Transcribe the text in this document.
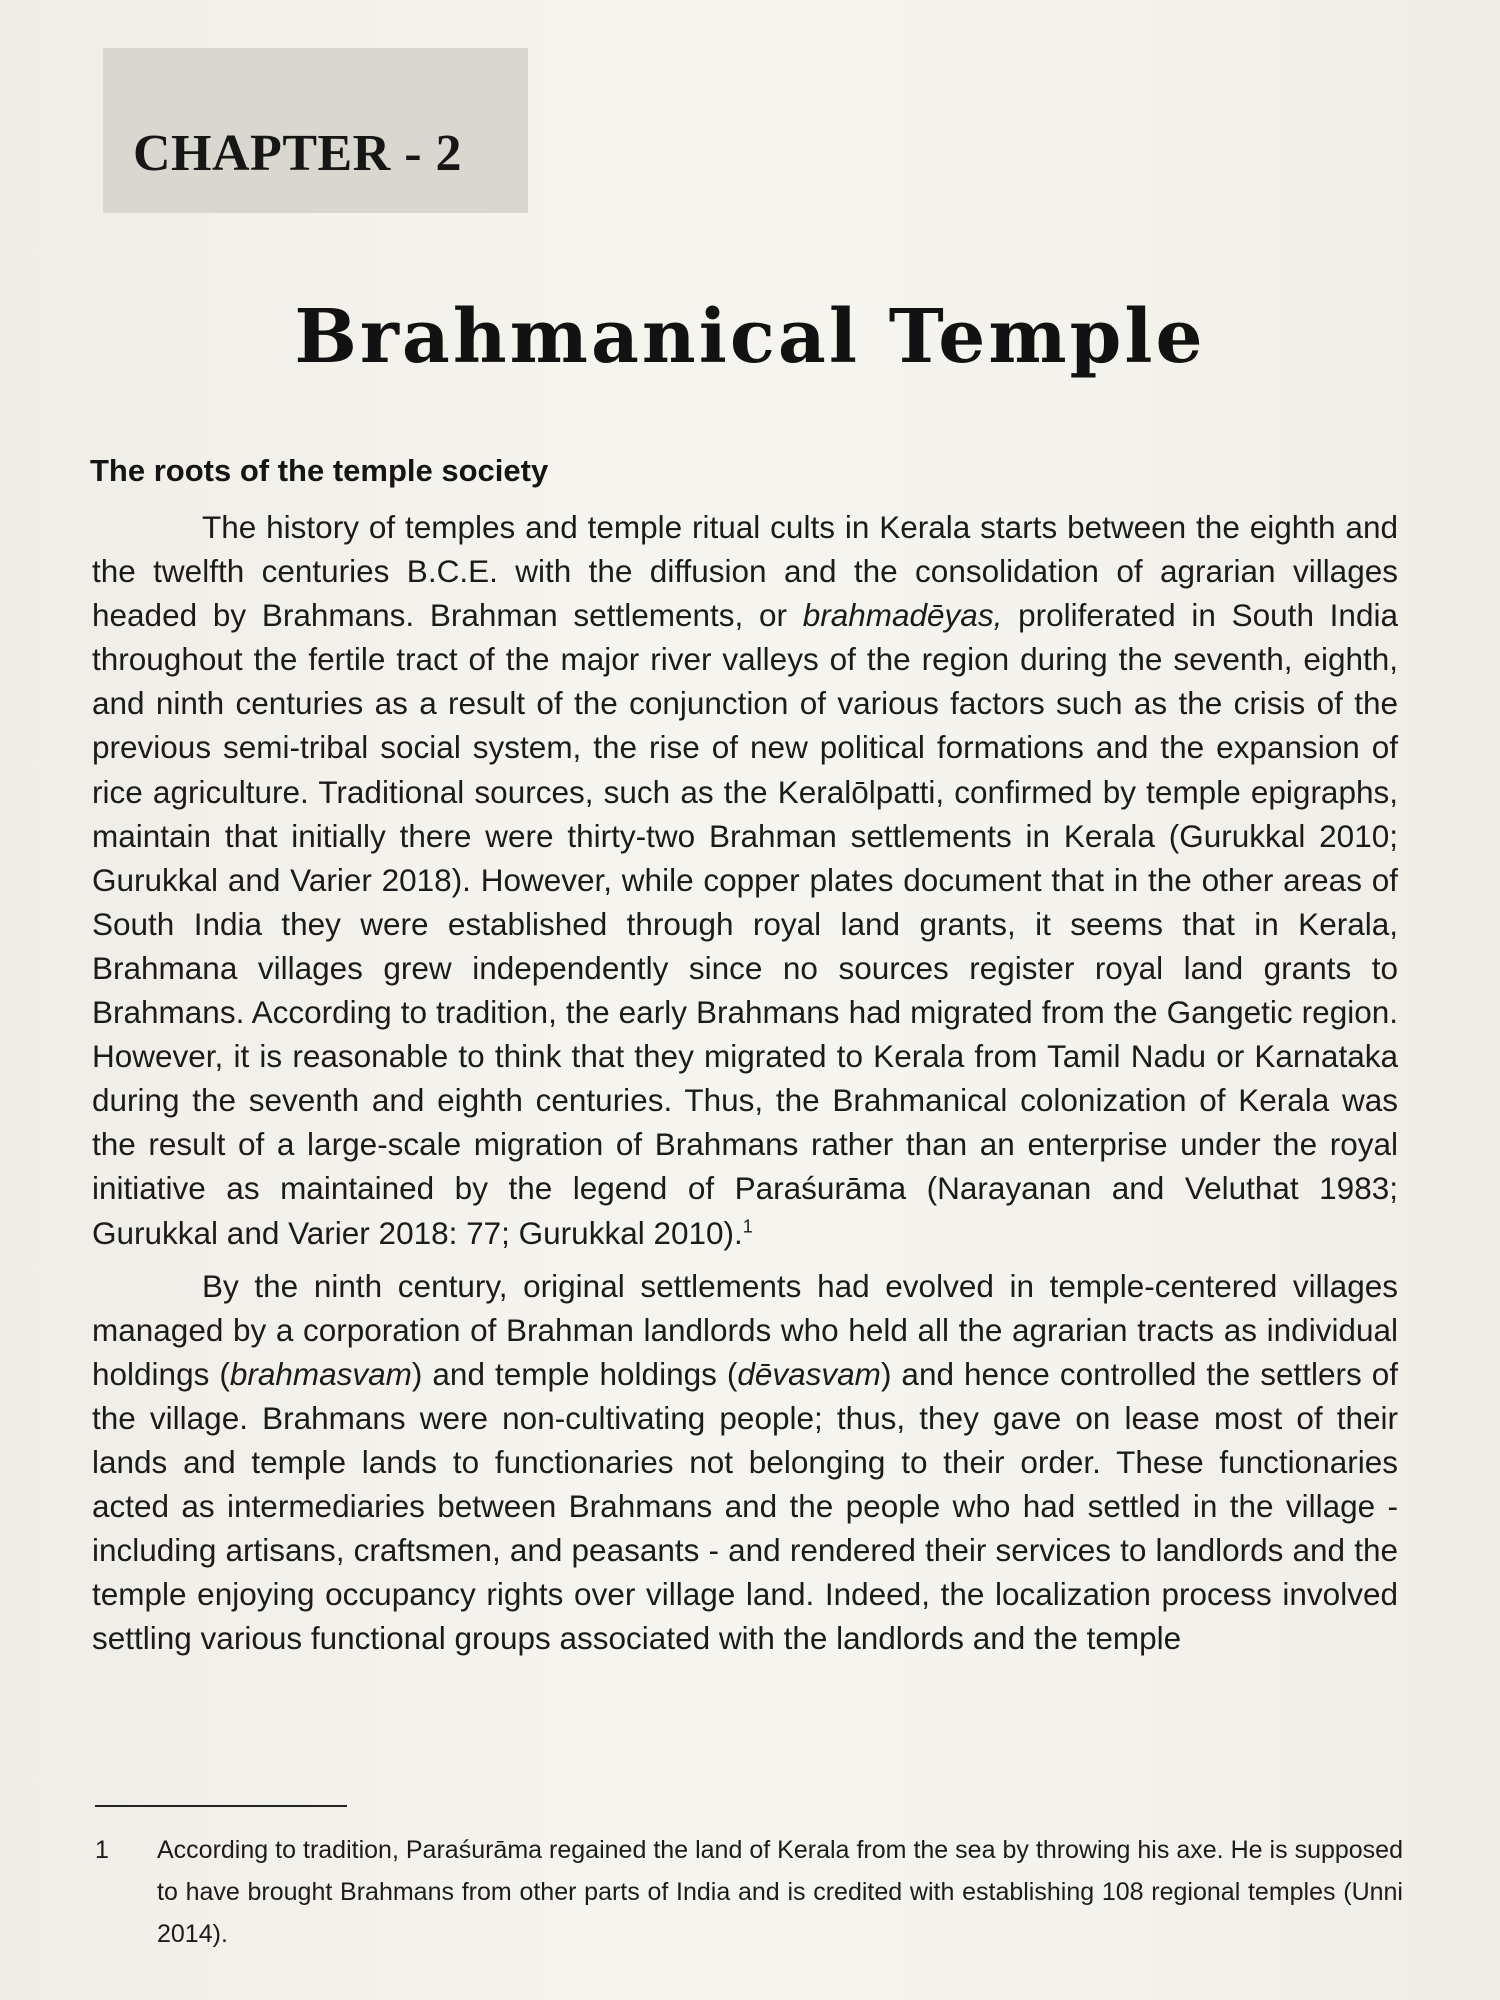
CHAPTER - 2
Brahmanical Temple
The roots of the temple society

The history of temples and temple ritual cults in Kerala starts between the eighth and the twelfth centuries B.C.E. with the diffusion and the consolidation of agrarian villages headed by Brahmans. Brahman settlements, or brahmadēyas, proliferated in South India throughout the fertile tract of the major river valleys of the region during the seventh, eighth, and ninth centuries as a result of the conjunction of various factors such as the crisis of the previous semi-tribal social system, the rise of new political formations and the expansion of rice agriculture. Traditional sources, such as the Keralōlpatti, confirmed by temple epigraphs, maintain that initially there were thirty-two Brahman settlements in Kerala (Gurukkal 2010; Gurukkal and Varier 2018). However, while copper plates document that in the other areas of South India they were established through royal land grants, it seems that in Kerala, Brahmana villages grew independently since no sources register royal land grants to Brahmans. According to tradition, the early Brahmans had migrated from the Gangetic region. However, it is reasonable to think that they migrated to Kerala from Tamil Nadu or Karnataka during the seventh and eighth centuries. Thus, the Brahmanical colonization of Kerala was the result of a large-scale migration of Brahmans rather than an enterprise under the royal initiative as maintained by the legend of Paraśurāma (Narayanan and Veluthat 1983; Gurukkal and Varier 2018: 77; Gurukkal 2010).$^1$

By the ninth century, original settlements had evolved in temple-centered villages managed by a corporation of Brahman landlords who held all the agrarian tracts as individual holdings (brahmasvam) and temple holdings (dēvasvam) and hence controlled the settlers of the village. Brahmans were non-cultivating people; thus, they gave on lease most of their lands and temple lands to functionaries not belonging to their order. These functionaries acted as intermediaries between Brahmans and the people who had settled in the village - including artisans, craftsmen, and peasants - and rendered their services to landlords and the temple enjoying occupancy rights over village land. Indeed, the localization process involved settling various functional groups associated with the landlords and the temple

1 According to tradition, Paraśurāma regained the land of Kerala from the sea by throwing his axe. He is supposed to have brought Brahmans from other parts of India and is credited with establishing 108 regional temples (Unni 2014).
